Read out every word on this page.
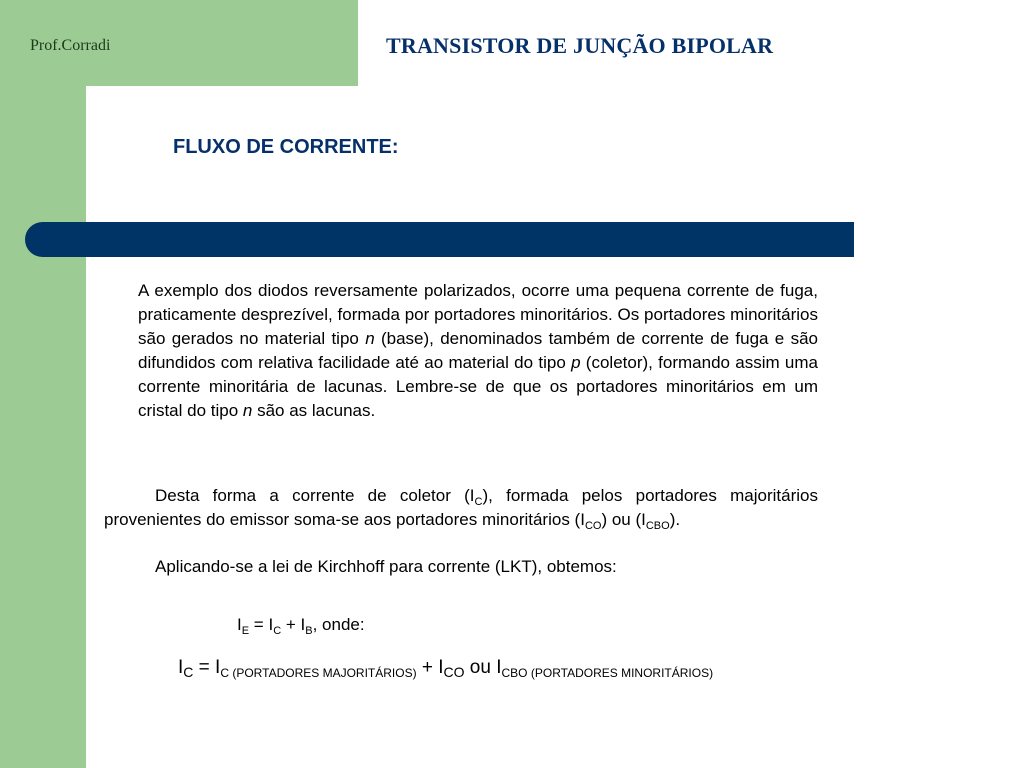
Prof.Corradi	TRANSISTOR DE JUNÇÃO BIPOLAR
FLUXO DE CORRENTE:
A exemplo dos diodos reversamente polarizados, ocorre uma pequena corrente de fuga, praticamente desprezível, formada por portadores minoritários. Os portadores minoritários são gerados no material tipo n (base), denominados também de corrente de fuga e são difundidos com relativa facilidade até ao material do tipo p (coletor), formando assim uma corrente minoritária de lacunas. Lembre-se de que os portadores minoritários em um cristal do tipo n são as lacunas.
Desta forma a corrente de coletor $(I_C)$, formada pelos portadores majoritários provenientes do emissor soma-se aos portadores minoritários $(I_{CO})$ ou $(I_{CBO})$.
Aplicando-se a lei de Kirchhoff para corrente (LKT), obtemos:
$I_E = I_C + I_B$, onde:
$I_C = I_{C (PORTADORES MAJORITÁRIOS)} + I_{CO}$ ou $I_{CBO (PORTADORES MINORITÁRIOS)}$
